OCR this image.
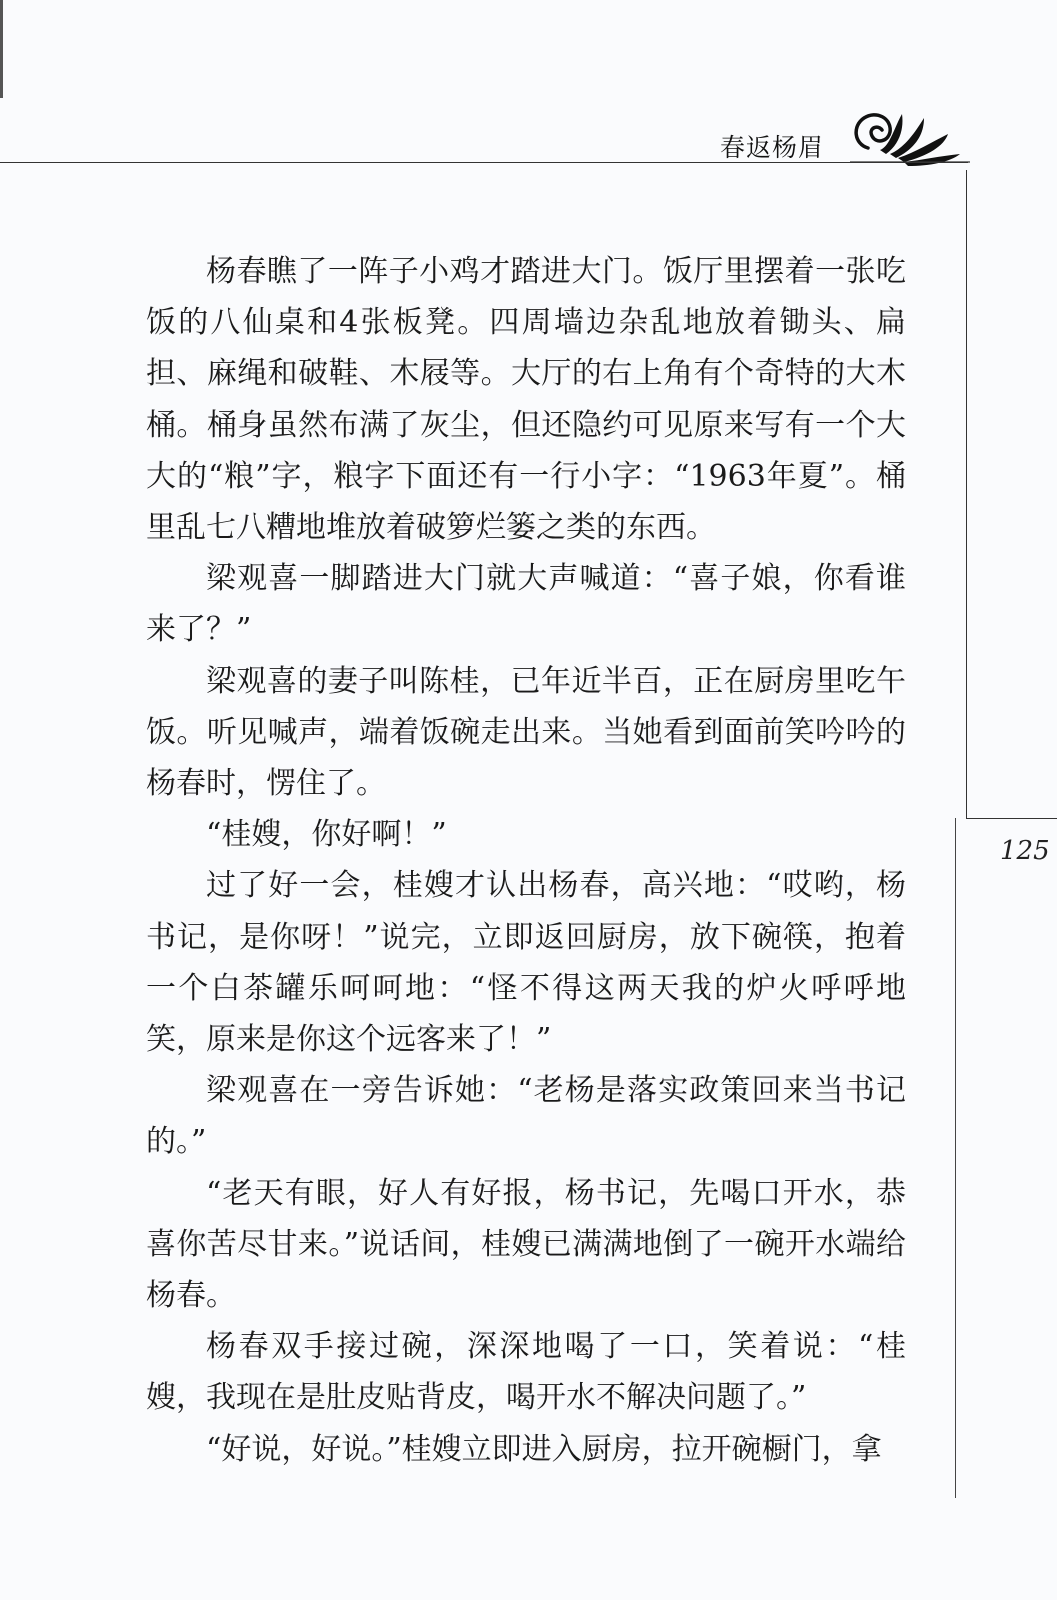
春返杨眉
125

杨春瞧了一阵子小鸡才踏进大门。饭厅里摆着一张吃饭的八仙桌和4张板凳。四周墙边杂乱地放着锄头、扁担、麻绳和破鞋、木屐等。大厅的右上角有个奇特的大木桶。桶身虽然布满了灰尘，但还隐约可见原来写有一个大大的“粮”字，粮字下面还有一行小字：“1963年夏”。桶里乱七八糟地堆放着破箩烂篓之类的东西。

梁观喜一脚踏进大门就大声喊道：“喜子娘，你看谁来了？”

梁观喜的妻子叫陈桂，已年近半百，正在厨房里吃午饭。听见喊声，端着饭碗走出来。当她看到面前笑吟吟的杨春时，愣住了。

“桂嫂，你好啊！”

过了好一会，桂嫂才认出杨春，高兴地：“哎哟，杨书记，是你呀！”说完，立即返回厨房，放下碗筷，抱着一个白茶罐乐呵呵地：“怪不得这两天我的炉火呼呼地笑，原来是你这个远客来了！”

梁观喜在一旁告诉她：“老杨是落实政策回来当书记的。”

“老天有眼，好人有好报，杨书记，先喝口开水，恭喜你苦尽甘来。”说话间，桂嫂已满满地倒了一碗开水端给杨春。

杨春双手接过碗，深深地喝了一口，笑着说：“桂嫂，我现在是肚皮贴背皮，喝开水不解决问题了。”

“好说，好说。”桂嫂立即进入厨房，拉开碗橱门，拿
